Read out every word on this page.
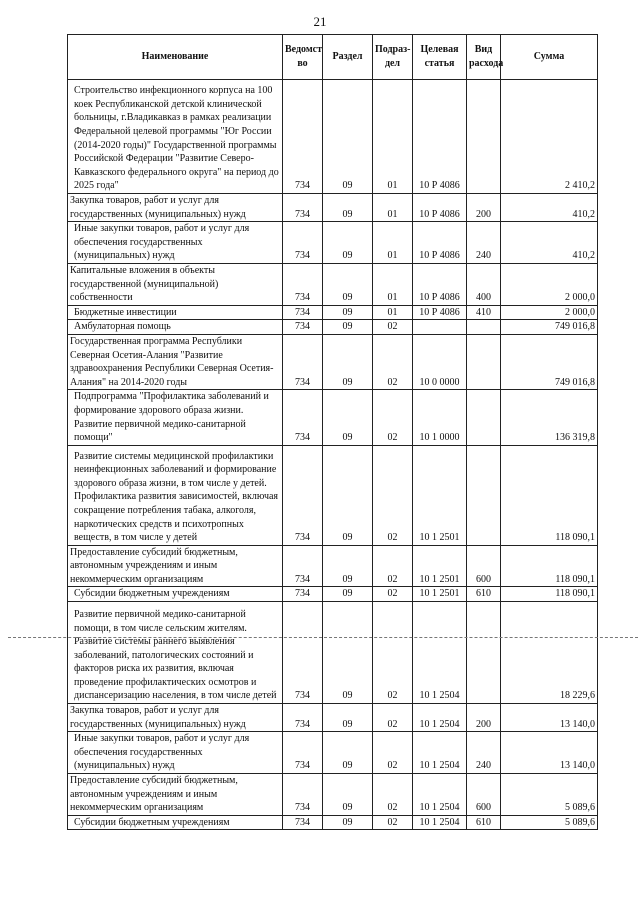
21
Наименование	Ведомст во	Раздел	Подраз- дел	Целевая статья	Вид расхода	Сумма
Строительство инфекционного корпуса на 100 коек Республиканской детской клинической больницы, г.Владикавказ в рамках реализации Федеральной целевой программы "Юг России (2014-2020 годы)" Государственной программы Российской Федерации "Развитие Северо-Кавказского федерального округа" на период до 2025 года"	734	09	01	10 Р 4086		2 410,2
Закупка товаров, работ и услуг для государственных (муниципальных) нужд	734	09	01	10 Р 4086	200	410,2
Иные закупки товаров, работ и услуг для обеспечения государственных (муниципальных) нужд	734	09	01	10 Р 4086	240	410,2
Капитальные вложения в объекты государственной (муниципальной) собственности	734	09	01	10 Р 4086	400	2 000,0
Бюджетные инвестиции	734	09	01	10 Р 4086	410	2 000,0
Амбулаторная помощь	734	09	02			749 016,8
Государственная программа Республики Северная Осетия-Алания "Развитие здравоохранения Республики Северная Осетия-Алания" на 2014-2020 годы	734	09	02	10 0 0000		749 016,8
Подпрограмма "Профилактика заболеваний и формирование здорового образа жизни. Развитие первичной медико-санитарной помощи"	734	09	02	10 1 0000		136 319,8
Развитие системы медицинской профилактики неинфекционных заболеваний и формирование здорового образа жизни, в том числе у детей. Профилактика развития зависимостей, включая сокращение потребления табака, алкоголя, наркотических средств и психотропных веществ, в том числе у детей	734	09	02	10 1 2501		118 090,1
Предоставление субсидий бюджетным, автономным учреждениям и иным некоммерческим организациям	734	09	02	10 1 2501	600	118 090,1
Субсидии бюджетным учреждениям	734	09	02	10 1 2501	610	118 090,1
Развитие первичной медико-санитарной помощи, в том числе сельским жителям. Развитие системы раннего выявления заболеваний, патологических состояний и факторов риска их развития, включая проведение профилактических осмотров и диспансеризацию населения, в том числе детей	734	09	02	10 1 2504		18 229,6
Закупка товаров, работ и услуг для государственных (муниципальных) нужд	734	09	02	10 1 2504	200	13 140,0
Иные закупки товаров, работ и услуг для обеспечения государственных (муниципальных) нужд	734	09	02	10 1 2504	240	13 140,0
Предоставление субсидий бюджетным, автономным учреждениям и иным некоммерческим организациям	734	09	02	10 1 2504	600	5 089,6
Субсидии бюджетным учреждениям	734	09	02	10 1 2504	610	5 089,6
